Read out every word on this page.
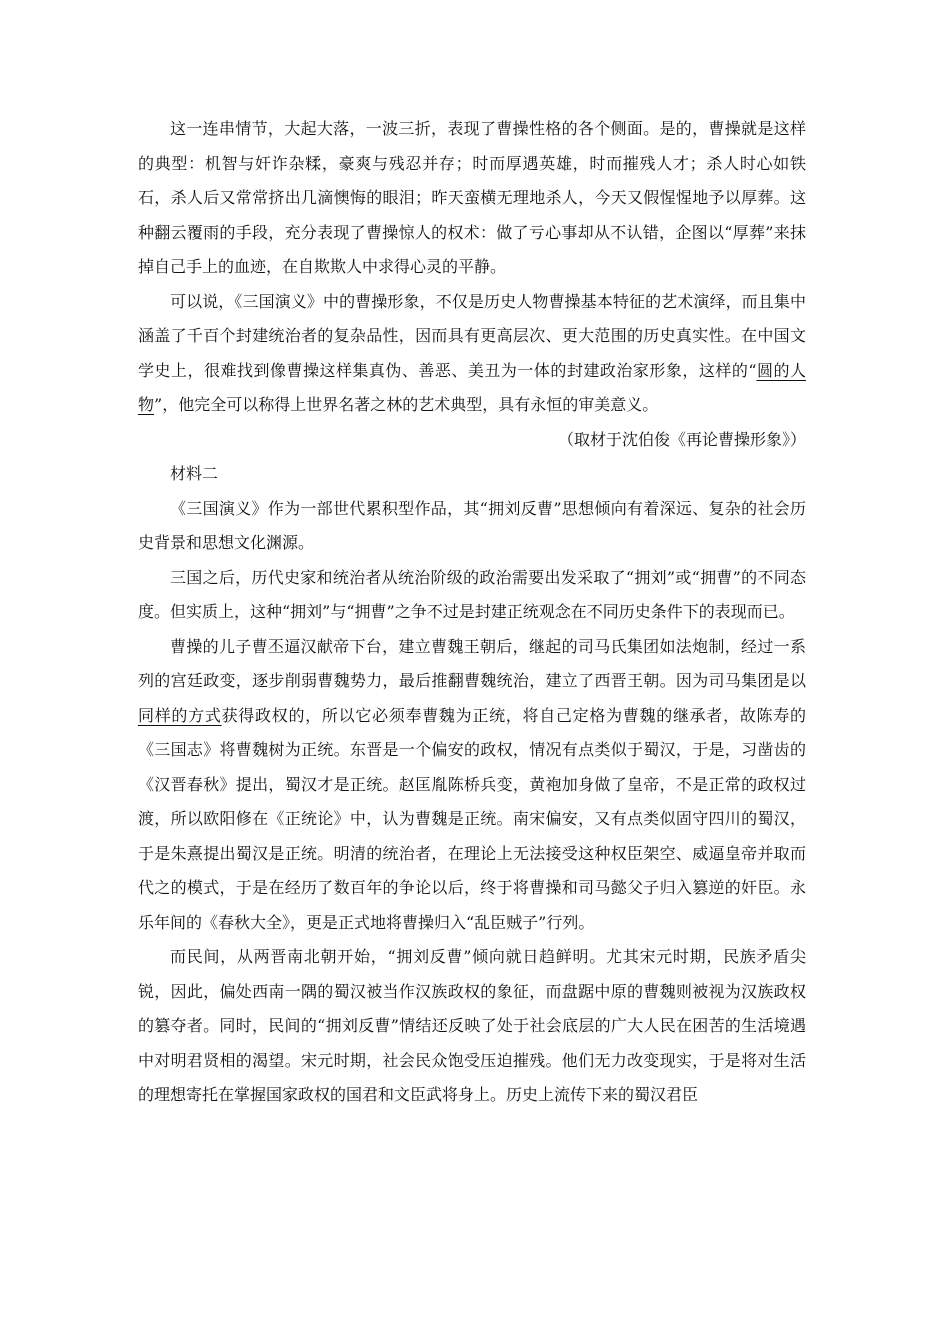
这一连串情节，大起大落，一波三折，表现了曹操性格的各个侧面。是的，曹操就是这样的典型：机智与奸诈杂糅，豪爽与残忍并存；时而厚遇英雄，时而摧残人才；杀人时心如铁石，杀人后又常常挤出几滴懊悔的眼泪；昨天蛮横无理地杀人，今天又假惺惺地予以厚葬。这种翻云覆雨的手段，充分表现了曹操惊人的权术：做了亏心事却从不认错，企图以“厚葬”来抹掉自己手上的血迹，在自欺欺人中求得心灵的平静。

可以说，《三国演义》中的曹操形象，不仅是历史人物曹操基本特征的艺术演绎，而且集中涵盖了千百个封建统治者的复杂品性，因而具有更高层次、更大范围的历史真实性。在中国文学史上，很难找到像曹操这样集真伪、善恶、美丑为一体的封建政治家形象，这样的“圆的人物”，他完全可以称得上世界名著之林的艺术典型，具有永恒的审美意义。

（取材于沈伯俊《再论曹操形象》）

材料二

《三国演义》作为一部世代累积型作品，其“拥刘反曹”思想倾向有着深远、复杂的社会历史背景和思想文化渊源。

三国之后，历代史家和统治者从统治阶级的政治需要出发采取了“拥刘”或“拥曹”的不同态度。但实质上，这种“拥刘”与“拥曹”之争不过是封建正统观念在不同历史条件下的表现而已。

曹操的儿子曹丕逼汉献帝下台，建立曹魏王朝后，继起的司马氏集团如法炮制，经过一系列的宫廷政变，逐步削弱曹魏势力，最后推翻曹魏统治，建立了西晋王朝。因为司马集团是以同样的方式获得政权的，所以它必须奉曹魏为正统，将自己定格为曹魏的继承者，故陈寿的《三国志》将曹魏树为正统。东晋是一个偏安的政权，情况有点类似于蜀汉，于是，习凿齿的《汉晋春秋》提出，蜀汉才是正统。赵匡胤陈桥兵变，黄袍加身做了皇帝，不是正常的政权过渡，所以欧阳修在《正统论》中，认为曹魏是正统。南宋偏安，又有点类似固守四川的蜀汉，于是朱熹提出蜀汉是正统。明清的统治者，在理论上无法接受这种权臣架空、威逼皇帝并取而代之的模式，于是在经历了数百年的争论以后，终于将曹操和司马懿父子归入篡逆的奸臣。永乐年间的《春秋大全》，更是正式地将曹操归入“乱臣贼子”行列。

而民间，从两晋南北朝开始，“拥刘反曹”倾向就日趋鲜明。尤其宋元时期，民族矛盾尖锐，因此，偏处西南一隅的蜀汉被当作汉族政权的象征，而盘踞中原的曹魏则被视为汉族政权的篡夺者。同时，民间的“拥刘反曹”情结还反映了处于社会底层的广大人民在困苦的生活境遇中对明君贤相的渴望。宋元时期，社会民众饱受压迫摧残。他们无力改变现实，于是将对生活的理想寄托在掌握国家政权的国君和文臣武将身上。历史上流传下来的蜀汉君臣
